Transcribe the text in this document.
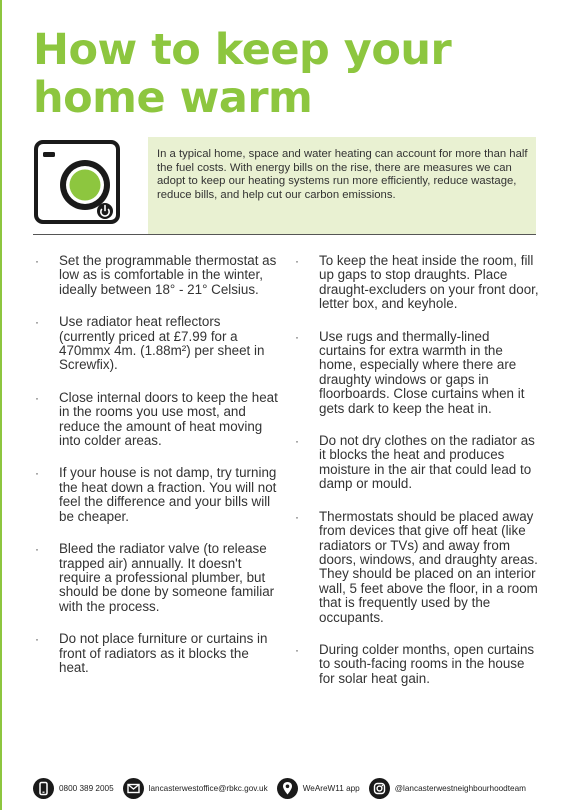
How to keep your home warm

In a typical home, space and water heating can account for more than half the fuel costs. With energy bills on the rise, there are measures we can adopt to keep our heating systems run more efficiently, reduce wastage, reduce bills, and help cut our carbon emissions.

· Set the programmable thermostat as low as is comfortable in the winter, ideally between 18° - 21° Celsius.
· Use radiator heat reflectors (currently priced at £7.99 for a 470mmx 4m. (1.88m²) per sheet in Screwfix).
· Close internal doors to keep the heat in the rooms you use most, and reduce the amount of heat moving into colder areas.
· If your house is not damp, try turning the heat down a fraction. You will not feel the difference and your bills will be cheaper.
· Bleed the radiator valve (to release trapped air) annually. It doesn't require a professional plumber, but should be done by someone familiar with the process.
· Do not place furniture or curtains in front of radiators as it blocks the heat.
· To keep the heat inside the room, fill up gaps to stop draughts. Place draught-excluders on your front door, letter box, and keyhole.
· Use rugs and thermally-lined curtains for extra warmth in the home, especially where there are draughty windows or gaps in floorboards. Close curtains when it gets dark to keep the heat in.
· Do not dry clothes on the radiator as it blocks the heat and produces moisture in the air that could lead to damp or mould.
· Thermostats should be placed away from devices that give off heat (like radiators or TVs) and away from doors, windows, and draughty areas. They should be placed on an interior wall, 5 feet above the floor, in a room that is frequently used by the occupants.
· During colder months, open curtains to south-facing rooms in the house for solar heat gain.
0800 389 2005	lancasterwestoffice@rbkc.gov.uk	WeAreW11 app	@lancasterwestneighbourhoodteam
